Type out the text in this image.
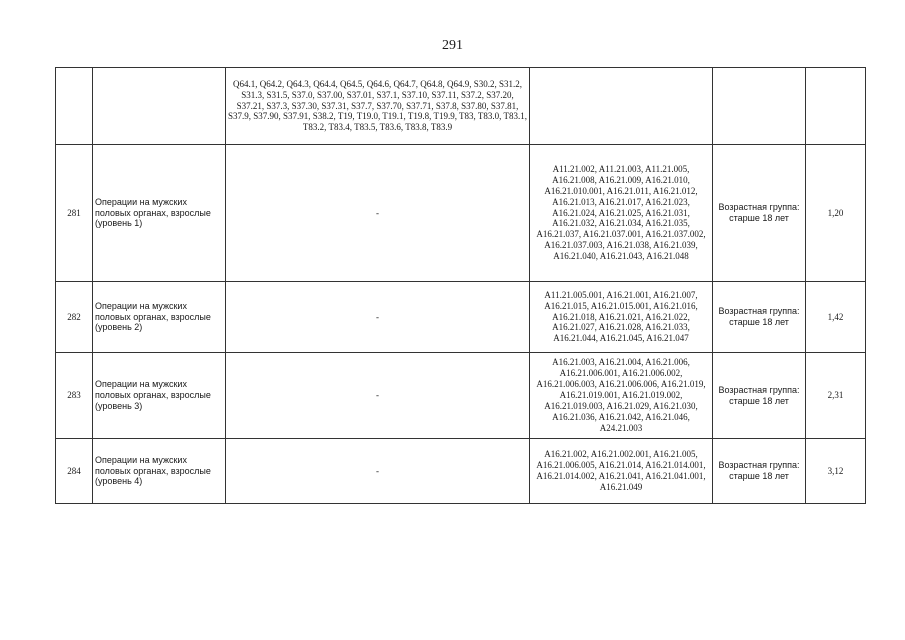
291
		Q64.1, Q64.2, Q64.3, Q64.4, Q64.5, Q64.6, Q64.7, Q64.8, Q64.9, S30.2, S31.2, S31.3, S31.5, S37.0, S37.00, S37.01, S37.1, S37.10, S37.11, S37.2, S37.20, S37.21, S37.3, S37.30, S37.31, S37.7, S37.70, S37.71, S37.8, S37.80, S37.81, S37.9, S37.90, S37.91, S38.2, T19, T19.0, T19.1, T19.8, T19.9, T83, T83.0, T83.1, T83.2, T83.4, T83.5, T83.6, T83.8, T83.9			
281	Операции на мужских половых органах, взрослые (уровень 1)	-	A11.21.002, A11.21.003, A11.21.005, A16.21.008, A16.21.009, A16.21.010, A16.21.010.001, A16.21.011, A16.21.012, A16.21.013, A16.21.017, A16.21.023, A16.21.024, A16.21.025, A16.21.031, A16.21.032, A16.21.034, A16.21.035, A16.21.037, A16.21.037.001, A16.21.037.002, A16.21.037.003, A16.21.038, A16.21.039, A16.21.040, A16.21.043, A16.21.048	Возрастная группа: старше 18 лет	1,20
282	Операции на мужских половых органах, взрослые (уровень 2)	-	A11.21.005.001, A16.21.001, A16.21.007, A16.21.015, A16.21.015.001, A16.21.016, A16.21.018, A16.21.021, A16.21.022, A16.21.027, A16.21.028, A16.21.033, A16.21.044, A16.21.045, A16.21.047	Возрастная группа: старше 18 лет	1,42
283	Операции на мужских половых органах, взрослые (уровень 3)	-	A16.21.003, A16.21.004, A16.21.006, A16.21.006.001, A16.21.006.002, A16.21.006.003, A16.21.006.006, A16.21.019, A16.21.019.001, A16.21.019.002, A16.21.019.003, A16.21.029, A16.21.030, A16.21.036, A16.21.042, A16.21.046, A24.21.003	Возрастная группа: старше 18 лет	2,31
284	Операции на мужских половых органах, взрослые (уровень 4)	-	A16.21.002, A16.21.002.001, A16.21.005, A16.21.006.005, A16.21.014, A16.21.014.001, A16.21.014.002, A16.21.041, A16.21.041.001, A16.21.049	Возрастная группа: старше 18 лет	3,12
